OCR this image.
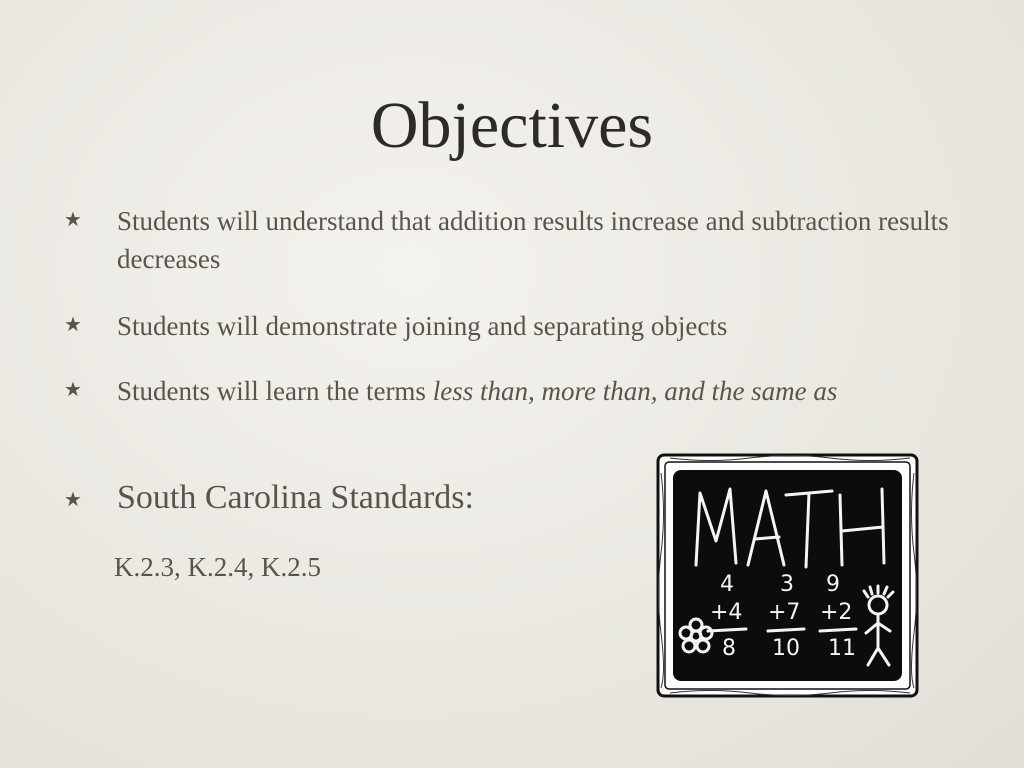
Objectives
★ Students will understand that addition results increase and subtraction results decreases
★ Students will demonstrate joining and separating objects
★ Students will learn the terms less than, more than, and the same as
★ South Carolina Standards:
K.2.3, K.2.4, K.2.5
4
+4
8
3
+7
10
9
+2
11
